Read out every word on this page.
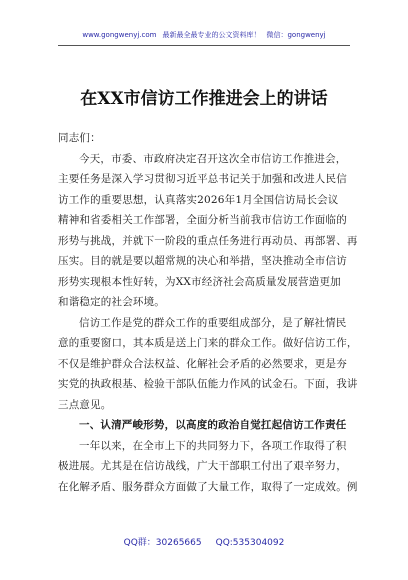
www.gongwenyj.com 最新最全最专业的公文资料库！ 微信：gongwenyj
在XX市信访工作推进会上的讲话

同志们：

今天，市委、市政府决定召开这次全市信访工作推进会，
主要任务是深入学习贯彻习近平总书记关于加强和改进人民信
访工作的重要思想，认真落实2026年1月全国信访局长会议
精神和省委相关工作部署，全面分析当前我市信访工作面临的
形势与挑战，并就下一阶段的重点任务进行再动员、再部署、再
压实。目的就是要以超常规的决心和举措，坚决推动全市信访
形势实现根本性好转，为XX市经济社会高质量发展营造更加
和谐稳定的社会环境。

信访工作是党的群众工作的重要组成部分，是了解社情民
意的重要窗口，其本质是送上门来的群众工作。做好信访工作，
不仅是维护群众合法权益、化解社会矛盾的必然要求，更是夯
实党的执政根基、检验干部队伍能力作风的试金石。下面，我讲
三点意见。

一、认清严峻形势，以高度的政治自觉扛起信访工作责任

一年以来，在全市上下的共同努力下，各项工作取得了积
极进展。尤其是在信访战线，广大干部职工付出了艰辛努力，
在化解矛盾、服务群众方面做了大量工作，取得了一定成效。例

QQ群：30265665 QQ:535304092
